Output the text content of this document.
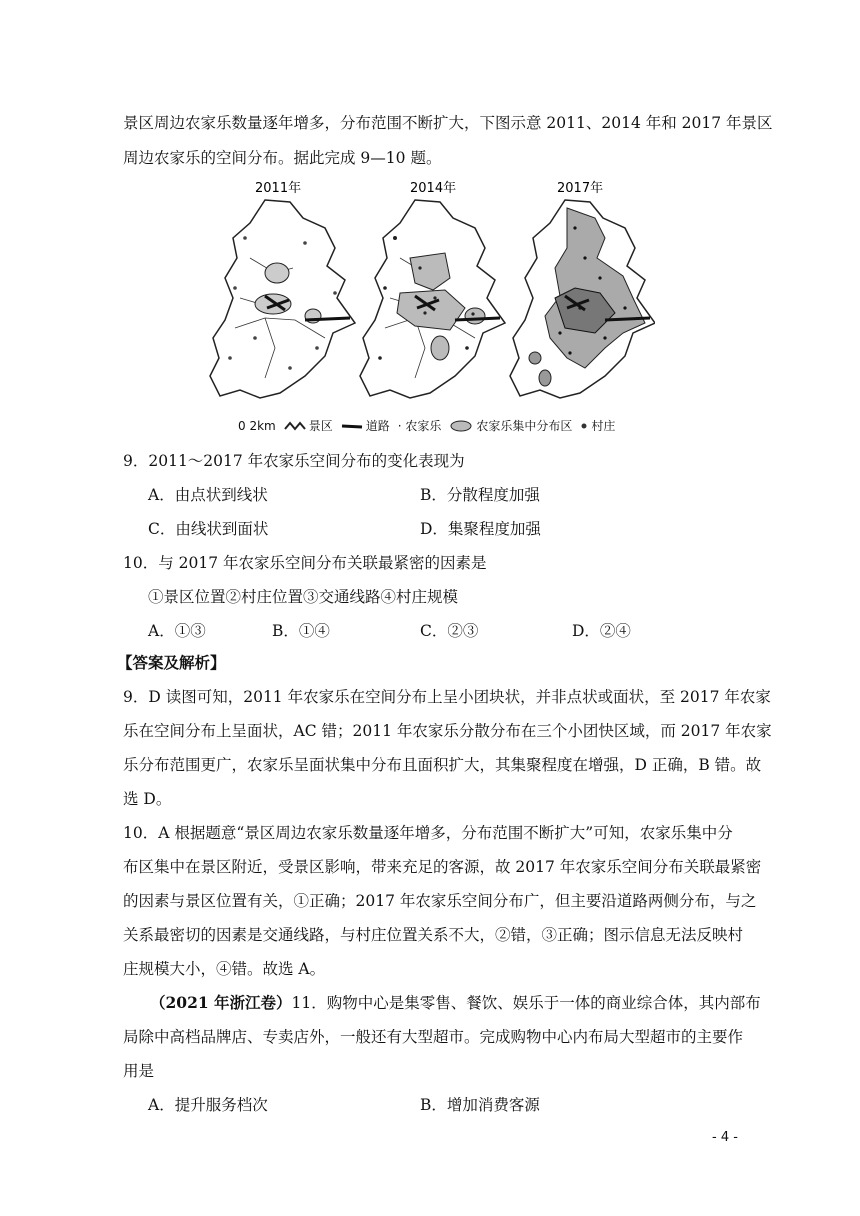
景区周边农家乐数量逐年增多，分布范围不断扩大，下图示意 2011、2014 年和 2017 年景区
周边农家乐的空间分布。据此完成 9—10 题。
2011年	2014年	2017年
0 2km	景区	道路 · 农家乐	农家乐集中分布区 村庄
9．2011～2017 年农家乐空间分布的变化表现为
A．由点状到线状	B．分散程度加强
C．由线状到面状	D．集聚程度加强
10．与 2017 年农家乐空间分布关联最紧密的因素是
①景区位置②村庄位置③交通线路④村庄规模
A．①③	B．①④	C．②③	D．②④
【答案及解析】
9．D 读图可知，2011 年农家乐在空间分布上呈小团块状，并非点状或面状，至 2017 年农家
乐在空间分布上呈面状，AC 错；2011 年农家乐分散分布在三个小团快区域，而 2017 年农家
乐分布范围更广，农家乐呈面状集中分布且面积扩大，其集聚程度在增强，D 正确，B 错。故
选 D。
10．A 根据题意“景区周边农家乐数量逐年增多，分布范围不断扩大”可知，农家乐集中分
布区集中在景区附近，受景区影响，带来充足的客源，故 2017 年农家乐空间分布关联最紧密
的因素与景区位置有关，①正确；2017 年农家乐空间分布广，但主要沿道路两侧分布，与之
关系最密切的因素是交通线路，与村庄位置关系不大，②错，③正确；图示信息无法反映村
庄规模大小，④错。故选 A。
（2021 年浙江卷）11．购物中心是集零售、餐饮、娱乐于一体的商业综合体，其内部布
局除中高档品牌店、专卖店外，一般还有大型超市。完成购物中心内布局大型超市的主要作
用是
A．提升服务档次	B．增加消费客源
- 4 -
